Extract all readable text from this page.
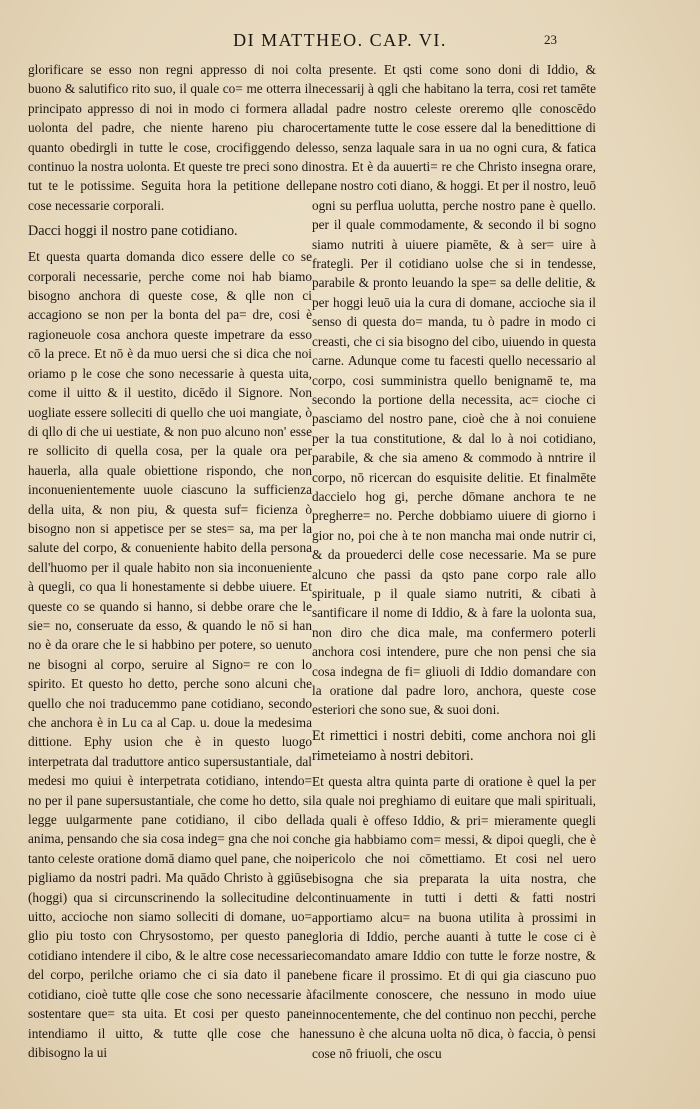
DI MATTHEO. CAP. VI.	23

glorificare se esso non regni appresso di noi col buono & salutifico rito suo, il quale co= me otterra il principato appresso di noi in modo ci formera alla uolonta del padre, che niente hareno piu charo quanto obedirgli in tutte le cose, crocifiggendo del continuo la nostra uolonta. Et queste tre preci sono di tut te le potissime. Seguita hora la petitione delle cose necessarie corporali.

Dacci hoggi il nostro pane cotidiano.

Et questa quarta domanda dico essere delle co se corporali necessarie, perche come noi hab biamo bisogno anchora di queste cose, & qlle non ci accagiono se non per la bonta del pa= dre, cosi è ragioneuole cosa anchora queste impetrare da esso cō la prece. Et nō è da muo uersi che si dica che noi oriamo p le cose che sono necessarie à questa uita, come il uitto & il uestito, dicēdo il Signore. Non uogliate essere solleciti di quello che uoi mangiate, ò di qllo di che ui uestiate, & non puo alcuno non' esse re sollicito di quella cosa, per la quale ora per hauerla, alla quale obiettione rispondo, che non inconuenientemente uuole ciascuno la sufficienza della uita, & non piu, & questa suf= ficienza ò bisogno non si appetisce per se stes= sa, ma per la salute del corpo, & conueniente habito della persona dell'huomo per il quale habito non sia inconueniente à quegli, co qua li honestamente si debbe uiuere. Et queste co se quando si hanno, si debbe orare che le sie= no, conseruate da esso, & quando le nō si han no è da orare che le si habbino per potere, so uenuto ne bisogni al corpo, seruire al Signo= re con lo spirito. Et questo ho detto, perche sono alcuni che quello che noi traducemmo pane cotidiano, secondo che anchora è in Lu ca al Cap. u. doue la medesima dittione. Ephy usion che è in questo luogo interpetrata dal traduttore antico supersustantiale, dal medesi mo quiui è interpetrata cotidiano, intendo= no per il pane supersustantiale, che come ho detto, si legge uulgarmente pane cotidiano, il cibo della anima, pensando che sia cosa indeg= gna che noi con tanto celeste oratione domā diamo quel pane, che noi pigliamo da nostri padri. Ma quādo Christo à ggiūse (hoggi) qua si circunscrinendo la sollecitudine del uitto, accioche non siamo solleciti di domane, uo= glio piu tosto con Chrysostomo, per questo pane cotidiano intendere il cibo, & le altre cose necessarie del corpo, perilche oriamo che ci sia dato il pane cotidiano, cioè tutte qlle cose che sono necessarie à sostentare que= sta uita. Et cosi per questo pane intendiamo il uitto, & tutte qlle cose che ha dibisogno la ui

ta presente. Et qsti come sono doni di Iddio, & necessarij à qgli che habitano la terra, cosi ret tamēte dal padre nostro celeste oreremo qlle conoscēdo certamente tutte le cose essere dal la benedittione di esso, senza laquale sara in ua no ogni cura, & fatica nostra. Et è da auuerti= re che Christo insegna orare, pane nostro coti diano, & hoggi. Et per il nostro, leuō ogni su perflua uolutta, perche nostro pane è quello. per il quale commodamente, & secondo il bi sogno siamo nutriti à uiuere piamēte, & à ser= uire à frategli. Per il cotidiano uolse che si in tendesse, parabile & pronto leuando la spe= sa delle delitie, & per hoggi leuō uia la cura di domane, accioche sia il senso di questa do= manda, tu ò padre in modo ci creasti, che ci sia bisogno del cibo, uiuendo in questa carne. Adunque come tu facesti quello necessario al corpo, cosi sumministra quello benignamē te, ma secondo la portione della necessita, ac= cioche ci pasciamo del nostro pane, cioè che à noi conuiene per la tua constitutione, & dal lo à noi cotidiano, parabile, & che sia ameno & commodo à nntrire il corpo, nō ricercan do esquisite delitie. Et finalmēte daccielo hog gi, perche dōmane anchora te ne pregherre= no. Perche dobbiamo uiuere di giorno i gior no, poi che à te non mancha mai onde nutrir ci, & da prouederci delle cose necessarie. Ma se pure alcuno che passi da qsto pane corpo rale allo spirituale, p il quale siamo nutriti, & cibati à santificare il nome di Iddio, & à fare la uolonta sua, non diro che dica male, ma confermero poterli anchora cosi intendere, pure che non pensi che sia cosa indegna de fi= gliuoli di Iddio domandare con la oratione dal padre loro, anchora, queste cose esteriori che sono sue, & suoi doni.

Et rimettici i nostri debiti, come anchora noi gli rimeteiamo à nostri debitori.

Et questa altra quinta parte di oratione è quel la per la quale noi preghiamo di euitare que mali spirituali, da quali è offeso Iddio, & pri= mieramente quegli che gia habbiamo com= messi, & dipoi quegli, che è pericolo che noi cōmettiamo. Et cosi nel uero bisogna che sia preparata la uita nostra, che continuamente in tutti i detti & fatti nostri apportiamo alcu= na buona utilita à prossimi in gloria di Iddio, perche auanti à tutte le cose ci è comandato amare Iddio con tutte le forze nostre, & bene ficare il prossimo. Et di qui gia ciascuno puo facilmente conoscere, che nessuno in modo uiue innocentemente, che del continuo non pecchi, perche nessuno è che alcuna uolta nō dica, ò faccia, ò pensi cose nō friuoli, che oscu
